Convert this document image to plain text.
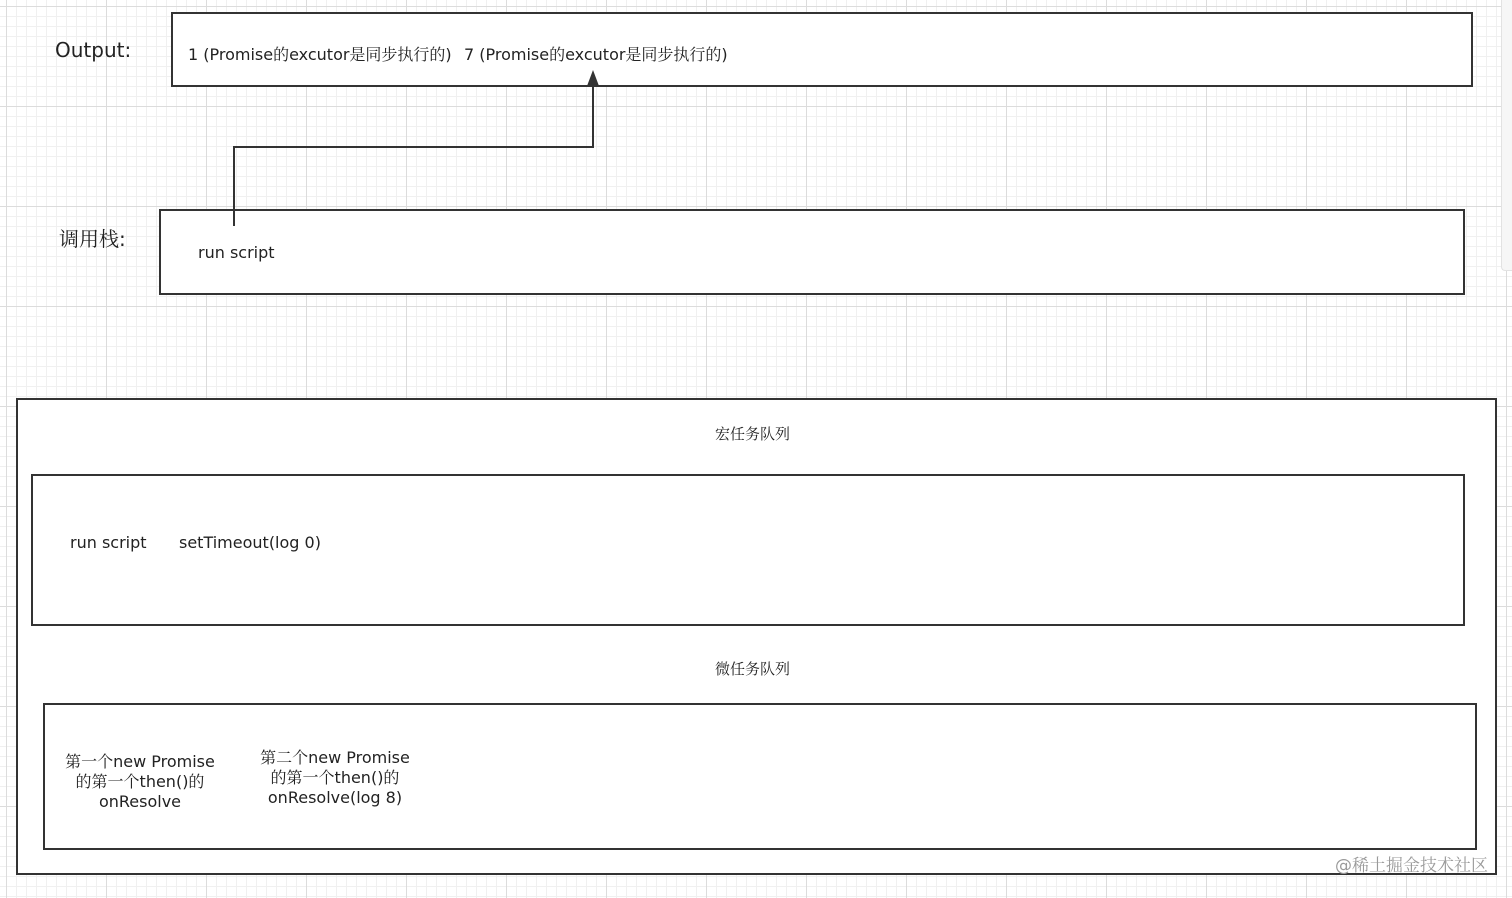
Output:	1 (Promise的excutor是同步执行的) 7 (Promise的excutor是同步执行的)
调用栈:
run script
宏任务队列
run script setTimeout(log 0)
微任务队列
第一个new Promise
的第一个then()的
onResolve
第二个new Promise
的第一个then()的
onResolve(log 8)
@稀土掘金技术社区
